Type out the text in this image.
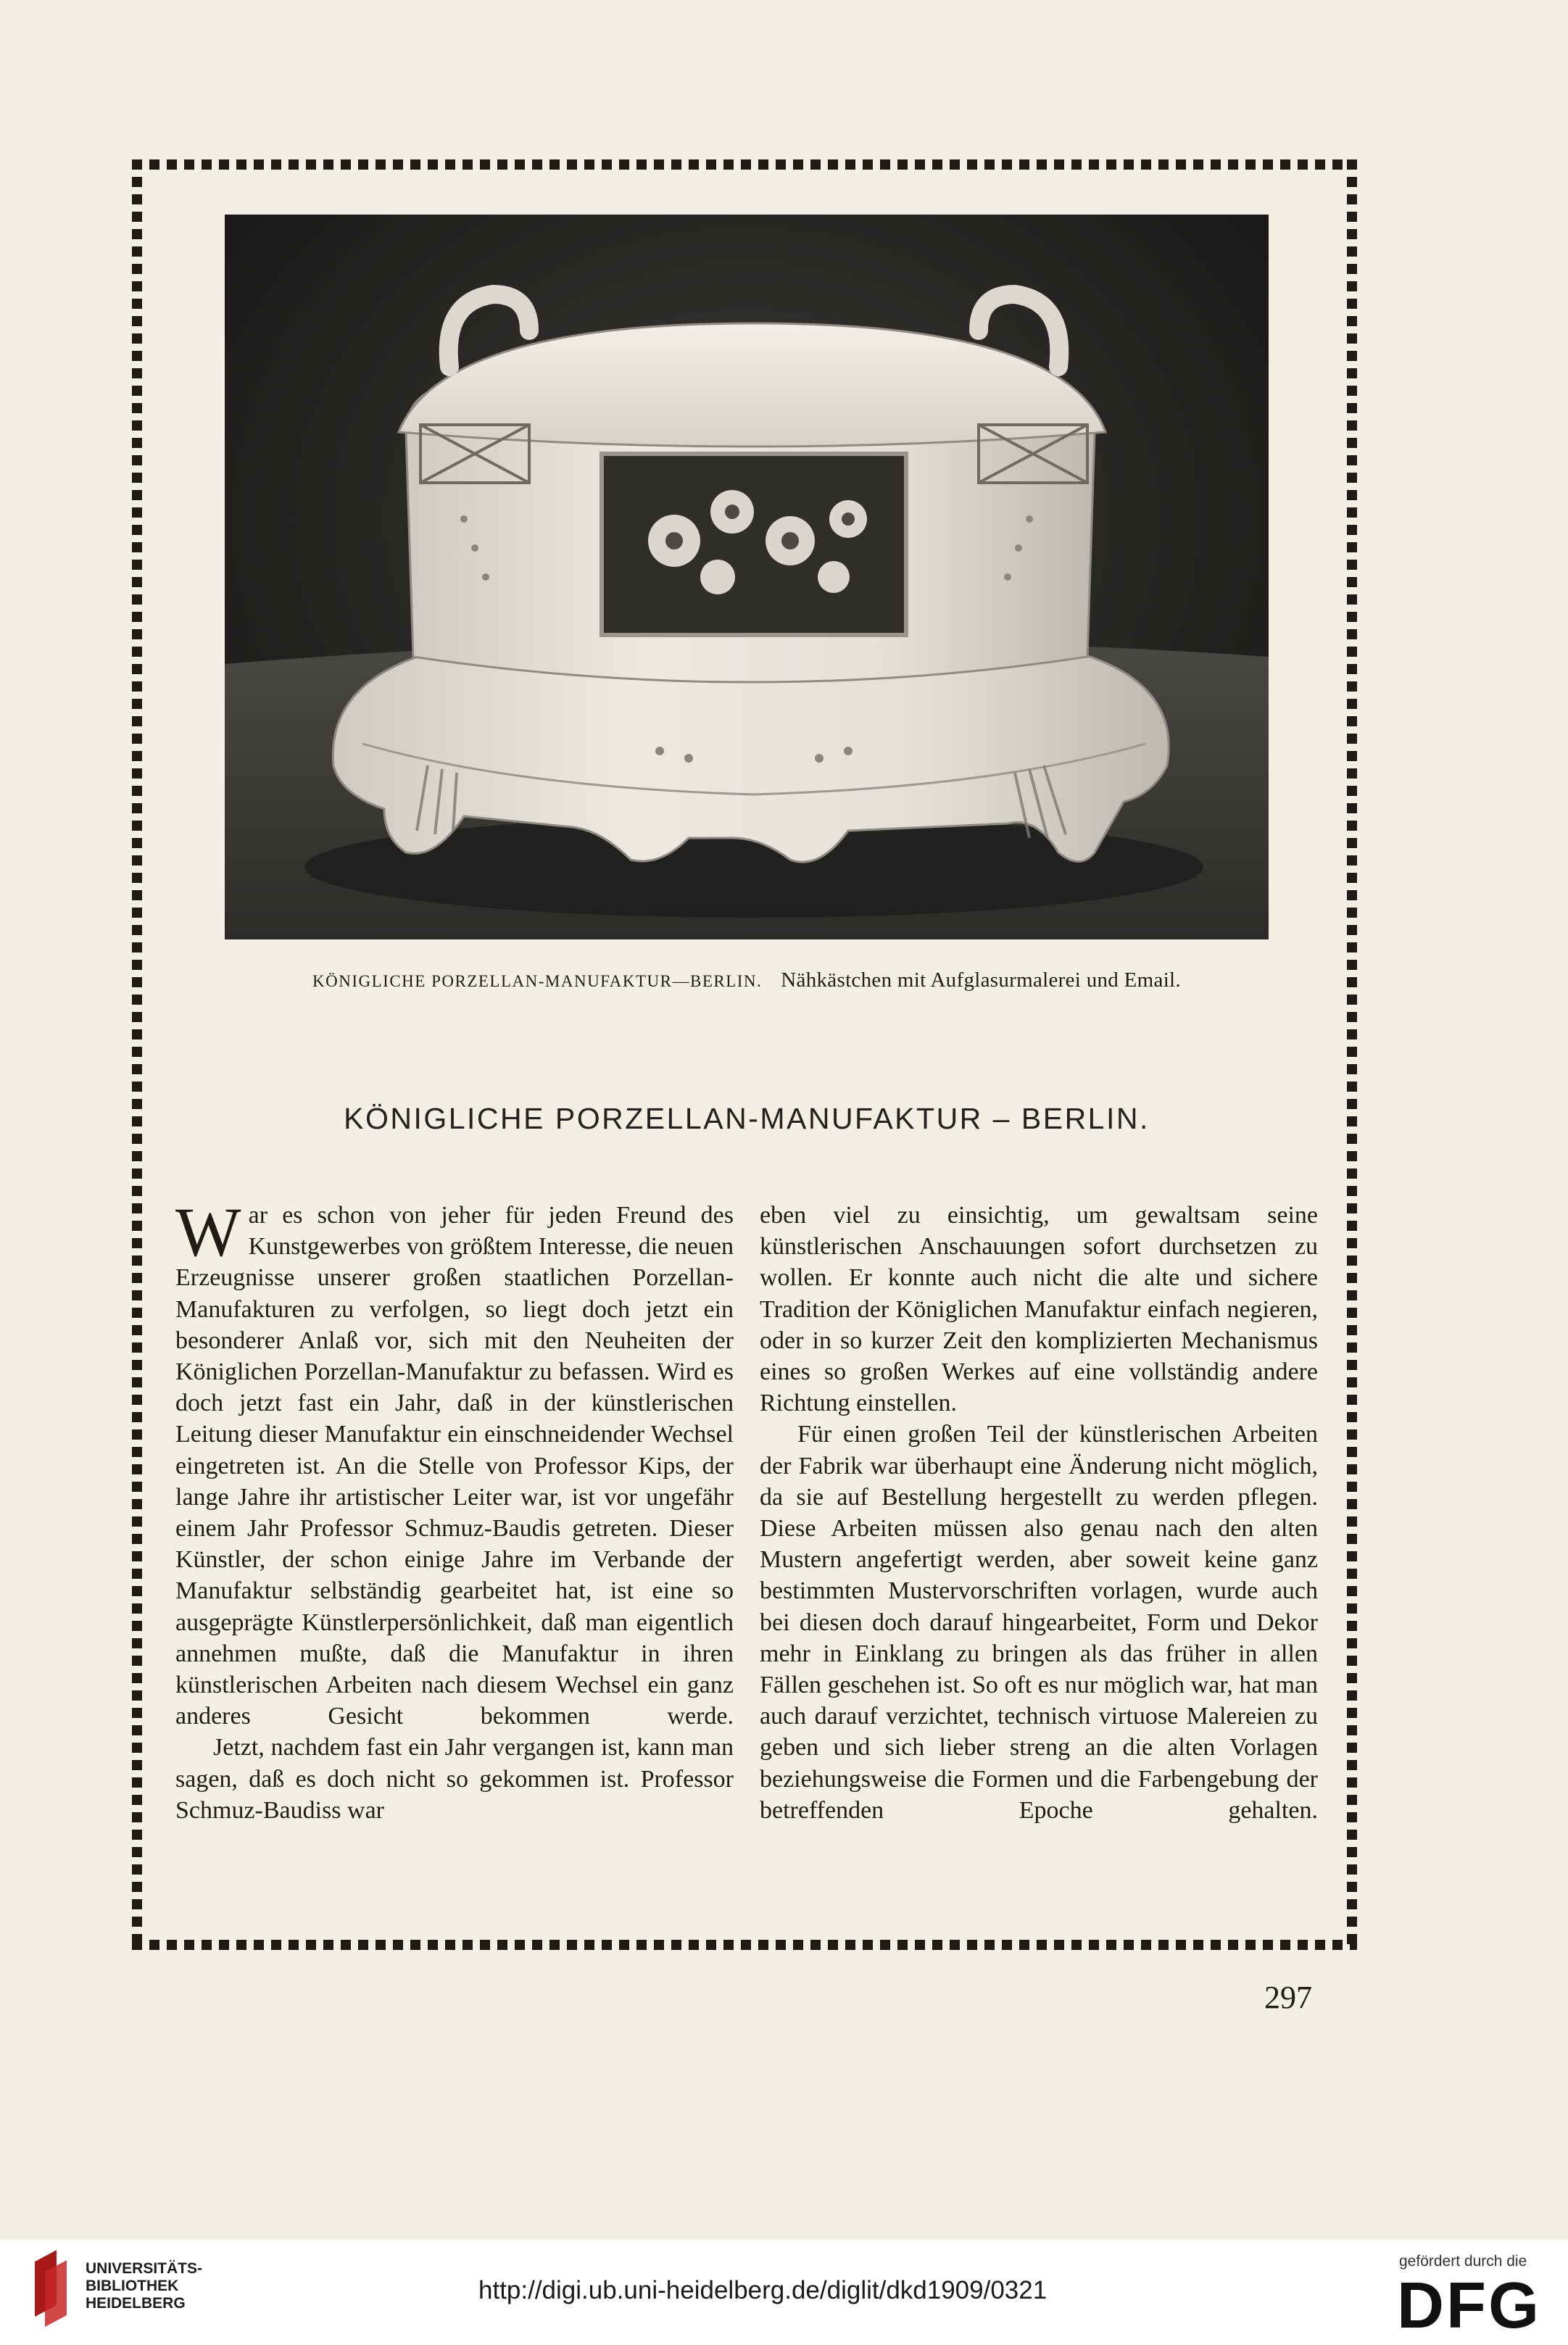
KÖNIGLICHE PORZELLAN-MANUFAKTUR—BERLIN. Nähkästchen mit Aufglasurmalerei und Email.
KÖNIGLICHE PORZELLAN-MANUFAKTUR – BERLIN.

War es schon von jeher für jeden Freund des Kunstgewerbes von größtem Interesse, die neuen Erzeugnisse unserer großen staatlichen Porzellan-Manufakturen zu verfolgen, so liegt doch jetzt ein besonderer Anlaß vor, sich mit den Neuheiten der Königlichen Porzellan-Manufaktur zu befassen. Wird es doch jetzt fast ein Jahr, daß in der künstlerischen Leitung dieser Manufaktur ein einschneidender Wechsel eingetreten ist. An die Stelle von Professor Kips, der lange Jahre ihr artistischer Leiter war, ist vor ungefähr einem Jahr Professor Schmuz-Baudis getreten. Dieser Künstler, der schon einige Jahre im Verbande der Manufaktur selbständig gearbeitet hat, ist eine so ausgeprägte Künstlerpersönlichkeit, daß man eigentlich annehmen mußte, daß die Manufaktur in ihren künstlerischen Arbeiten nach diesem Wechsel ein ganz anderes Gesicht bekommen werde.

Jetzt, nachdem fast ein Jahr vergangen ist, kann man sagen, daß es doch nicht so gekommen ist. Professor Schmuz-Baudiss war

eben viel zu einsichtig, um gewaltsam seine künstlerischen Anschauungen sofort durchsetzen zu wollen. Er konnte auch nicht die alte und sichere Tradition der Königlichen Manufaktur einfach negieren, oder in so kurzer Zeit den komplizierten Mechanismus eines so großen Werkes auf eine vollständig andere Richtung einstellen.

Für einen großen Teil der künstlerischen Arbeiten der Fabrik war überhaupt eine Änderung nicht möglich, da sie auf Bestellung hergestellt zu werden pflegen. Diese Arbeiten müssen also genau nach den alten Mustern angefertigt werden, aber soweit keine ganz bestimmten Mustervorschriften vorlagen, wurde auch bei diesen doch darauf hingearbeitet, Form und Dekor mehr in Einklang zu bringen als das früher in allen Fällen geschehen ist. So oft es nur möglich war, hat man auch darauf verzichtet, technisch virtuose Malereien zu geben und sich lieber streng an die alten Vorlagen beziehungsweise die Formen und die Farbengebung der betreffenden Epoche gehalten.

297
UNIVERSITÄTS-
BIBLIOTHEK
HEIDELBERG	http://digi.ub.uni-heidelberg.de/diglit/dkd1909/0321
gefördert durch die
DFG
